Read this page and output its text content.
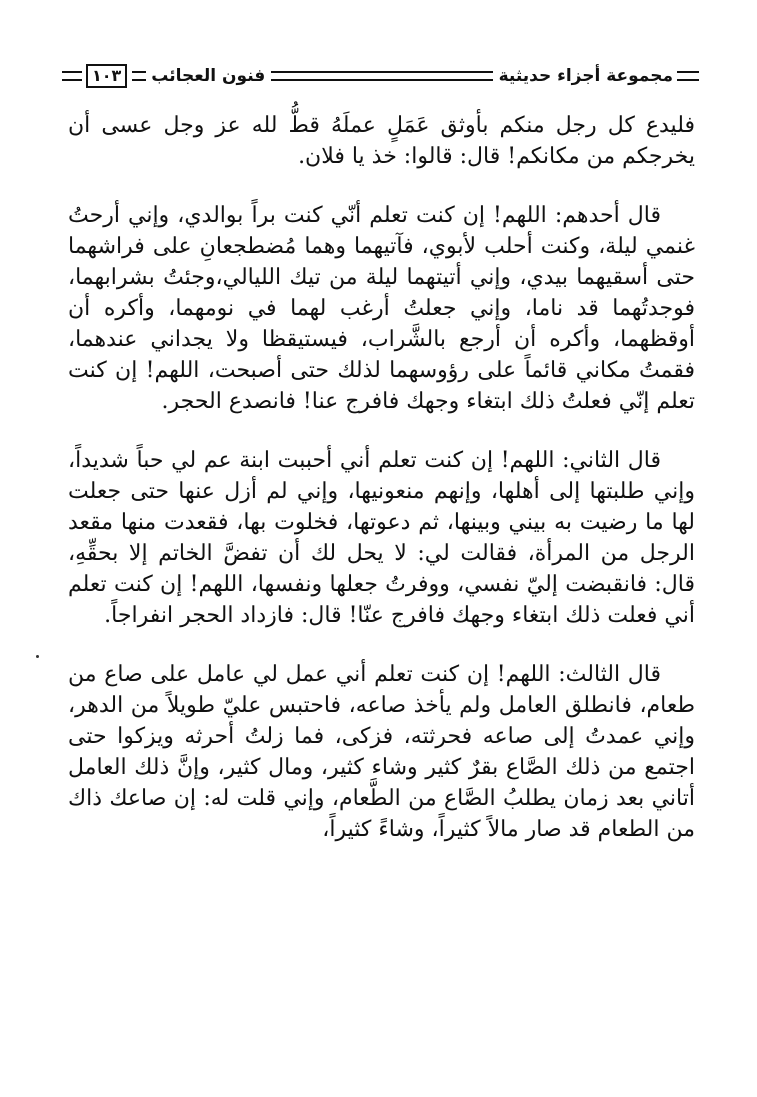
مجموعة أجزاء حديثية
فنون العجائب
١٠٣

فليدع كل رجل منكم بأوثق عَمَلٍ عملَهُ قطُّ لله عز وجل عسى أن يخرجكم من مكانكم! قال: قالوا: خذ يا فلان.

قال أحدهم: اللهم! إن كنت تعلم أنّي كنت براً بوالدي، وإني أرحتُ غنمي ليلة، وكنت أحلب لأبوي، فآتيهما وهما مُضطجعانِ على فراشهما حتى أسقيهما بيدي، وإني أتيتهما ليلة من تيك الليالي،وجئتُ بشرابهما، فوجدتُهما قد ناما، وإني جعلتُ أرغب لهما في نومهما، وأكره أن أوقظهما، وأكره أن أرجع بالشَّراب، فيستيقظا ولا يجداني عندهما، فقمتُ مكاني قائماً على رؤوسهما لذلك حتى أصبحت، اللهم! إن كنت تعلم إنّي فعلتُ ذلك ابتغاء وجهك فافرج عنا! فانصدع الحجر.

قال الثاني: اللهم! إن كنت تعلم أني أحببت ابنة عم لي حباً شديداً، وإني طلبتها إلى أهلها، وإنهم منعونيها، وإني لم أزل عنها حتى جعلت لها ما رضيت به بيني وبينها، ثم دعوتها، فخلوت بها، فقعدت منها مقعد الرجل من المرأة، فقالت لي: لا يحل لك أن تفضَّ الخاتم إلا بحقِّهِ، قال: فانقبضت إليّ نفسي، ووفرتُ جعلها ونفسها، اللهم! إن كنت تعلم أني فعلت ذلك ابتغاء وجهك فافرج عنّا! قال: فازداد الحجر انفراجاً.

قال الثالث: اللهم! إن كنت تعلم أني عمل لي عامل على صاع من طعام، فانطلق العامل ولم يأخذ صاعه، فاحتبس عليّ طويلاً من الدهر، وإني عمدتُ إلى صاعه فحرثته، فزكى، فما زلتُ أحرثه ويزكوا حتى اجتمع من ذلك الصَّاع بقرٌ كثير وشاء كثير، ومال كثير، وإنَّ ذلك العامل أتاني بعد زمان يطلبُ الصَّاع من الطَّعام، وإني قلت له: إن صاعك ذاك من الطعام قد صار مالاً كثيراً، وشاءً كثيراً،
